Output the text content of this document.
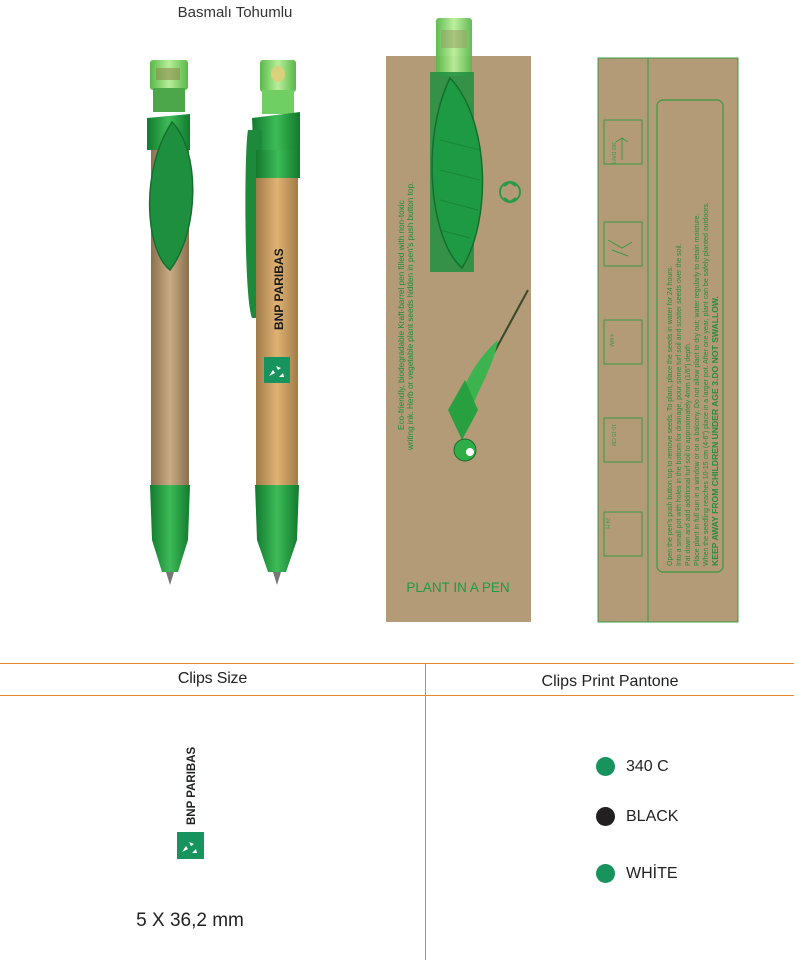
Basmalı Tohumlu
BNP PARIBAS	Eco-friendly, biodegradable Kraft-barrel pen filled with non-toxic writing ink. Herb or vegetable plant seeds hidden in pen's push button top.
PLANT IN A PEN
365 DAYS
4 MM
10-15 CM
24 H	Open the pen's push button top to remove seeds. To plant, place the seeds in water for 24 hours. Into a small pot with holes in the bottom for drainage, pour some turf soil and scatter seeds over the soil. Pat down and add additional turf soil to approximately 4mm (1/6") depth. Place plant in full sun in a window or on a balcony. Do not allow plant to dry out; water regularly to retain moisture. When the seedling reaches 10-15 cm (4-6") place in a larger pot. After one year, plant can be safely planted outdoors. KEEP AWAY FROM CHILDREN UNDER AGE 3.DO NOT SWALLOW.
Clips Size	Clips Print Pantone
BNP PARIBAS
5 X 36,2 mm
340 C
BLACK
WHİTE
